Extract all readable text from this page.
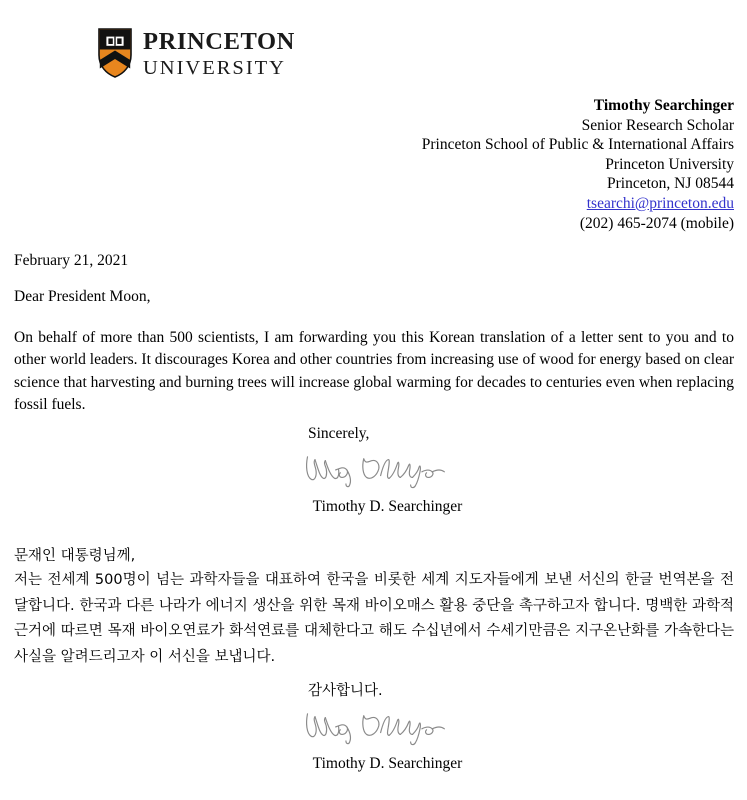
PRINCETON
UNIVERSITY
Timothy Searchinger
Senior Research Scholar
Princeton School of Public & International Affairs
Princeton University
Princeton, NJ 08544
tsearchi@princeton.edu
(202) 465-2074 (mobile)
February 21, 2021
Dear President Moon,
On behalf of more than 500 scientists, I am forwarding you this Korean translation of a letter sent to you and to other world leaders. It discourages Korea and other countries from increasing use of wood for energy based on clear science that harvesting and burning trees will increase global warming for decades to centuries even when replacing fossil fuels.
Sincerely,
Timothy D. Searchinger
문재인 대통령님께,
저는 전세계 500명이 넘는 과학자들을 대표하여 한국을 비롯한 세계 지도자들에게 보낸 서신의 한글 번역본을 전달합니다. 한국과 다른 나라가 에너지 생산을 위한 목재 바이오매스 활용 중단을 촉구하고자 합니다. 명백한 과학적 근거에 따르면 목재 바이오연료가 화석연료를 대체한다고 해도 수십년에서 수세기만큼은 지구온난화를 가속한다는 사실을 알려드리고자 이 서신을 보냅니다.
감사합니다.
Timothy D. Searchinger
